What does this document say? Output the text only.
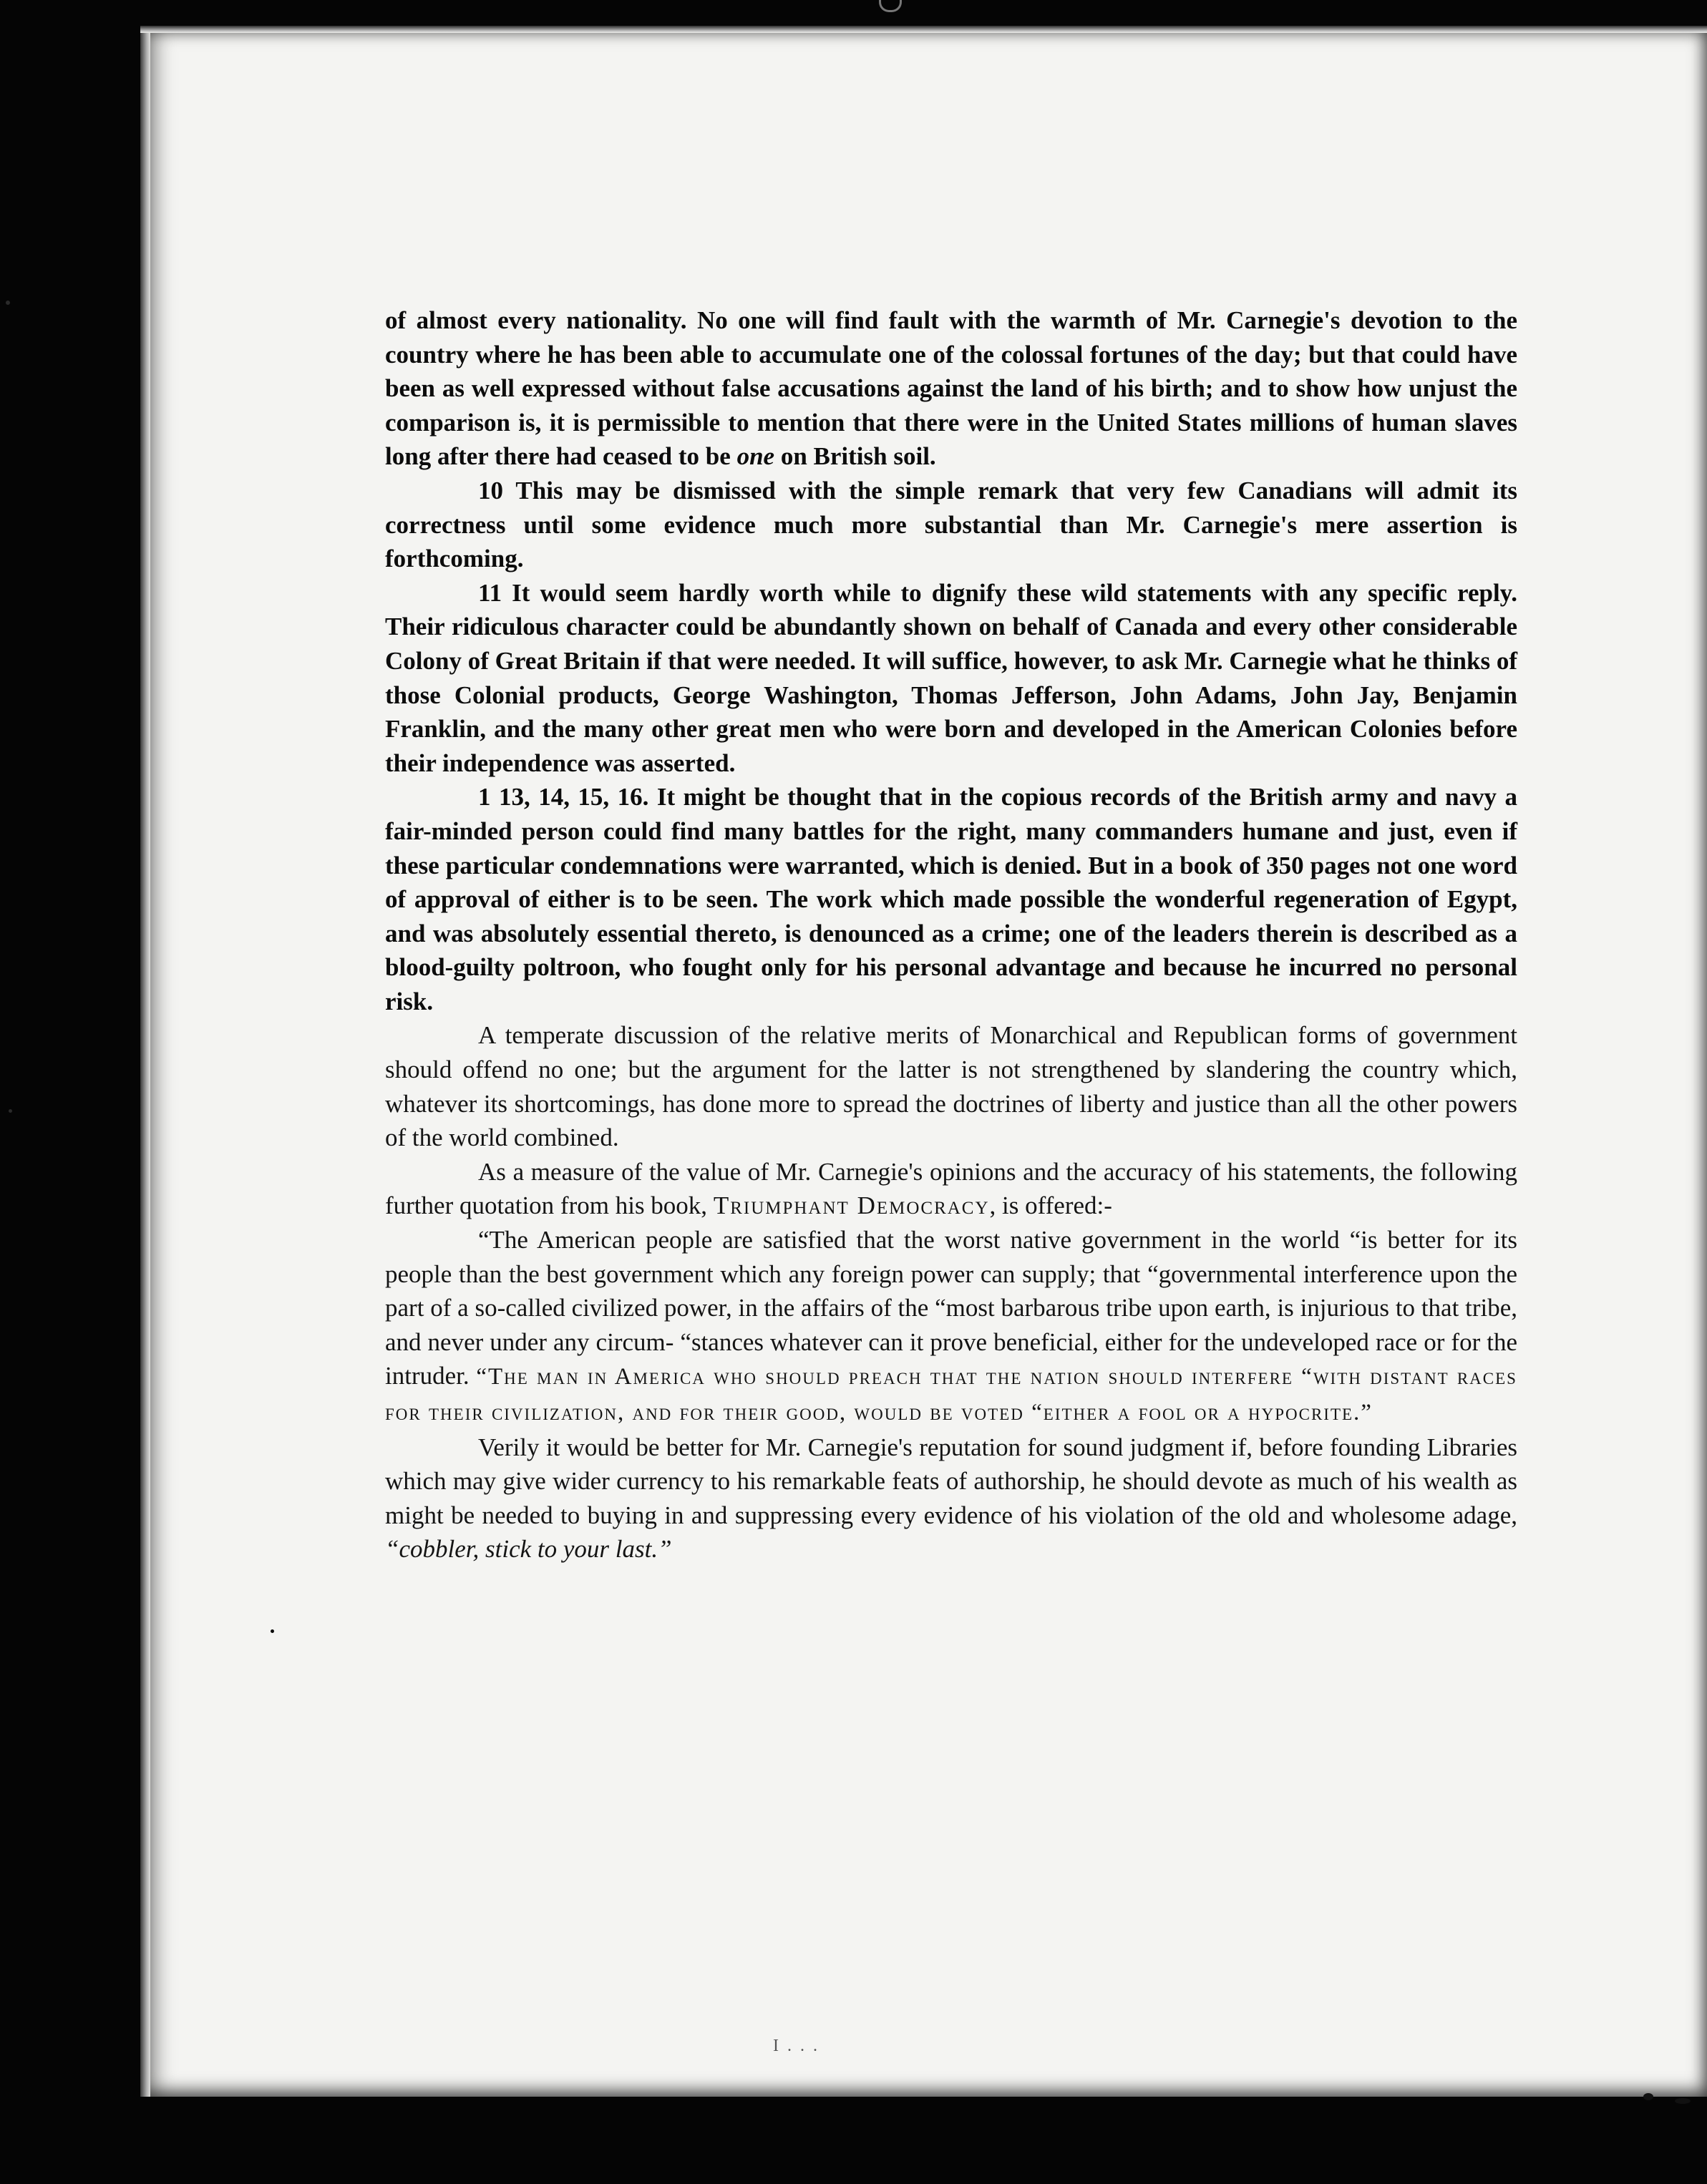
of almost every nationality. No one will find fault with the warmth of Mr. Carnegie's devotion to the country where he has been able to accumulate one of the colossal fortunes of the day; but that could have been as well expressed without false accusations against the land of his birth; and to show how unjust the comparison is, it is permissible to mention that there were in the United States millions of human slaves long after there had ceased to be one on British soil.

10 This may be dismissed with the simple remark that very few Canadians will admit its correctness until some evidence much more substantial than Mr. Carnegie's mere assertion is forthcoming.

11 It would seem hardly worth while to dignify these wild statements with any specific reply. Their ridiculous character could be abundantly shown on behalf of Canada and every other considerable Colony of Great Britain if that were needed. It will suffice, however, to ask Mr. Carnegie what he thinks of those Colonial products, George Washington, Thomas Jefferson, John Adams, John Jay, Benjamin Franklin, and the many other great men who were born and developed in the American Colonies before their independence was asserted.

1 13, 14, 15, 16. It might be thought that in the copious records of the British army and navy a fair-minded person could find many battles for the right, many commanders humane and just, even if these particular condemnations were warranted, which is denied. But in a book of 350 pages not one word of approval of either is to be seen. The work which made possible the wonderful regeneration of Egypt, and was absolutely essential thereto, is denounced as a crime; one of the leaders therein is described as a blood-guilty poltroon, who fought only for his personal advantage and because he incurred no personal risk.

A temperate discussion of the relative merits of Monarchical and Republican forms of government should offend no one; but the argument for the latter is not strengthened by slandering the country which, whatever its shortcomings, has done more to spread the doctrines of liberty and justice than all the other powers of the world combined.

As a measure of the value of Mr. Carnegie's opinions and the accuracy of his statements, the following further quotation from his book, Triumphant Democracy, is offered:-

“The American people are satisfied that the worst native government in the world “is better for its people than the best government which any foreign power can supply; that “governmental interference upon the part of a so-called civilized power, in the affairs of the “most barbarous tribe upon earth, is injurious to that tribe, and never under any circum- “stances whatever can it prove beneficial, either for the undeveloped race or for the intruder. “The man in America who should preach that the nation should interfere “with distant races for their civilization, and for their good, would be voted “either a fool or a hypocrite.”

Verily it would be better for Mr. Carnegie's reputation for sound judgment if, before founding Libraries which may give wider currency to his remarkable feats of authorship, he should devote as much of his wealth as might be needed to buying in and suppressing every evidence of his violation of the old and wholesome adage, “cobbler, stick to your last.”

I . . .
